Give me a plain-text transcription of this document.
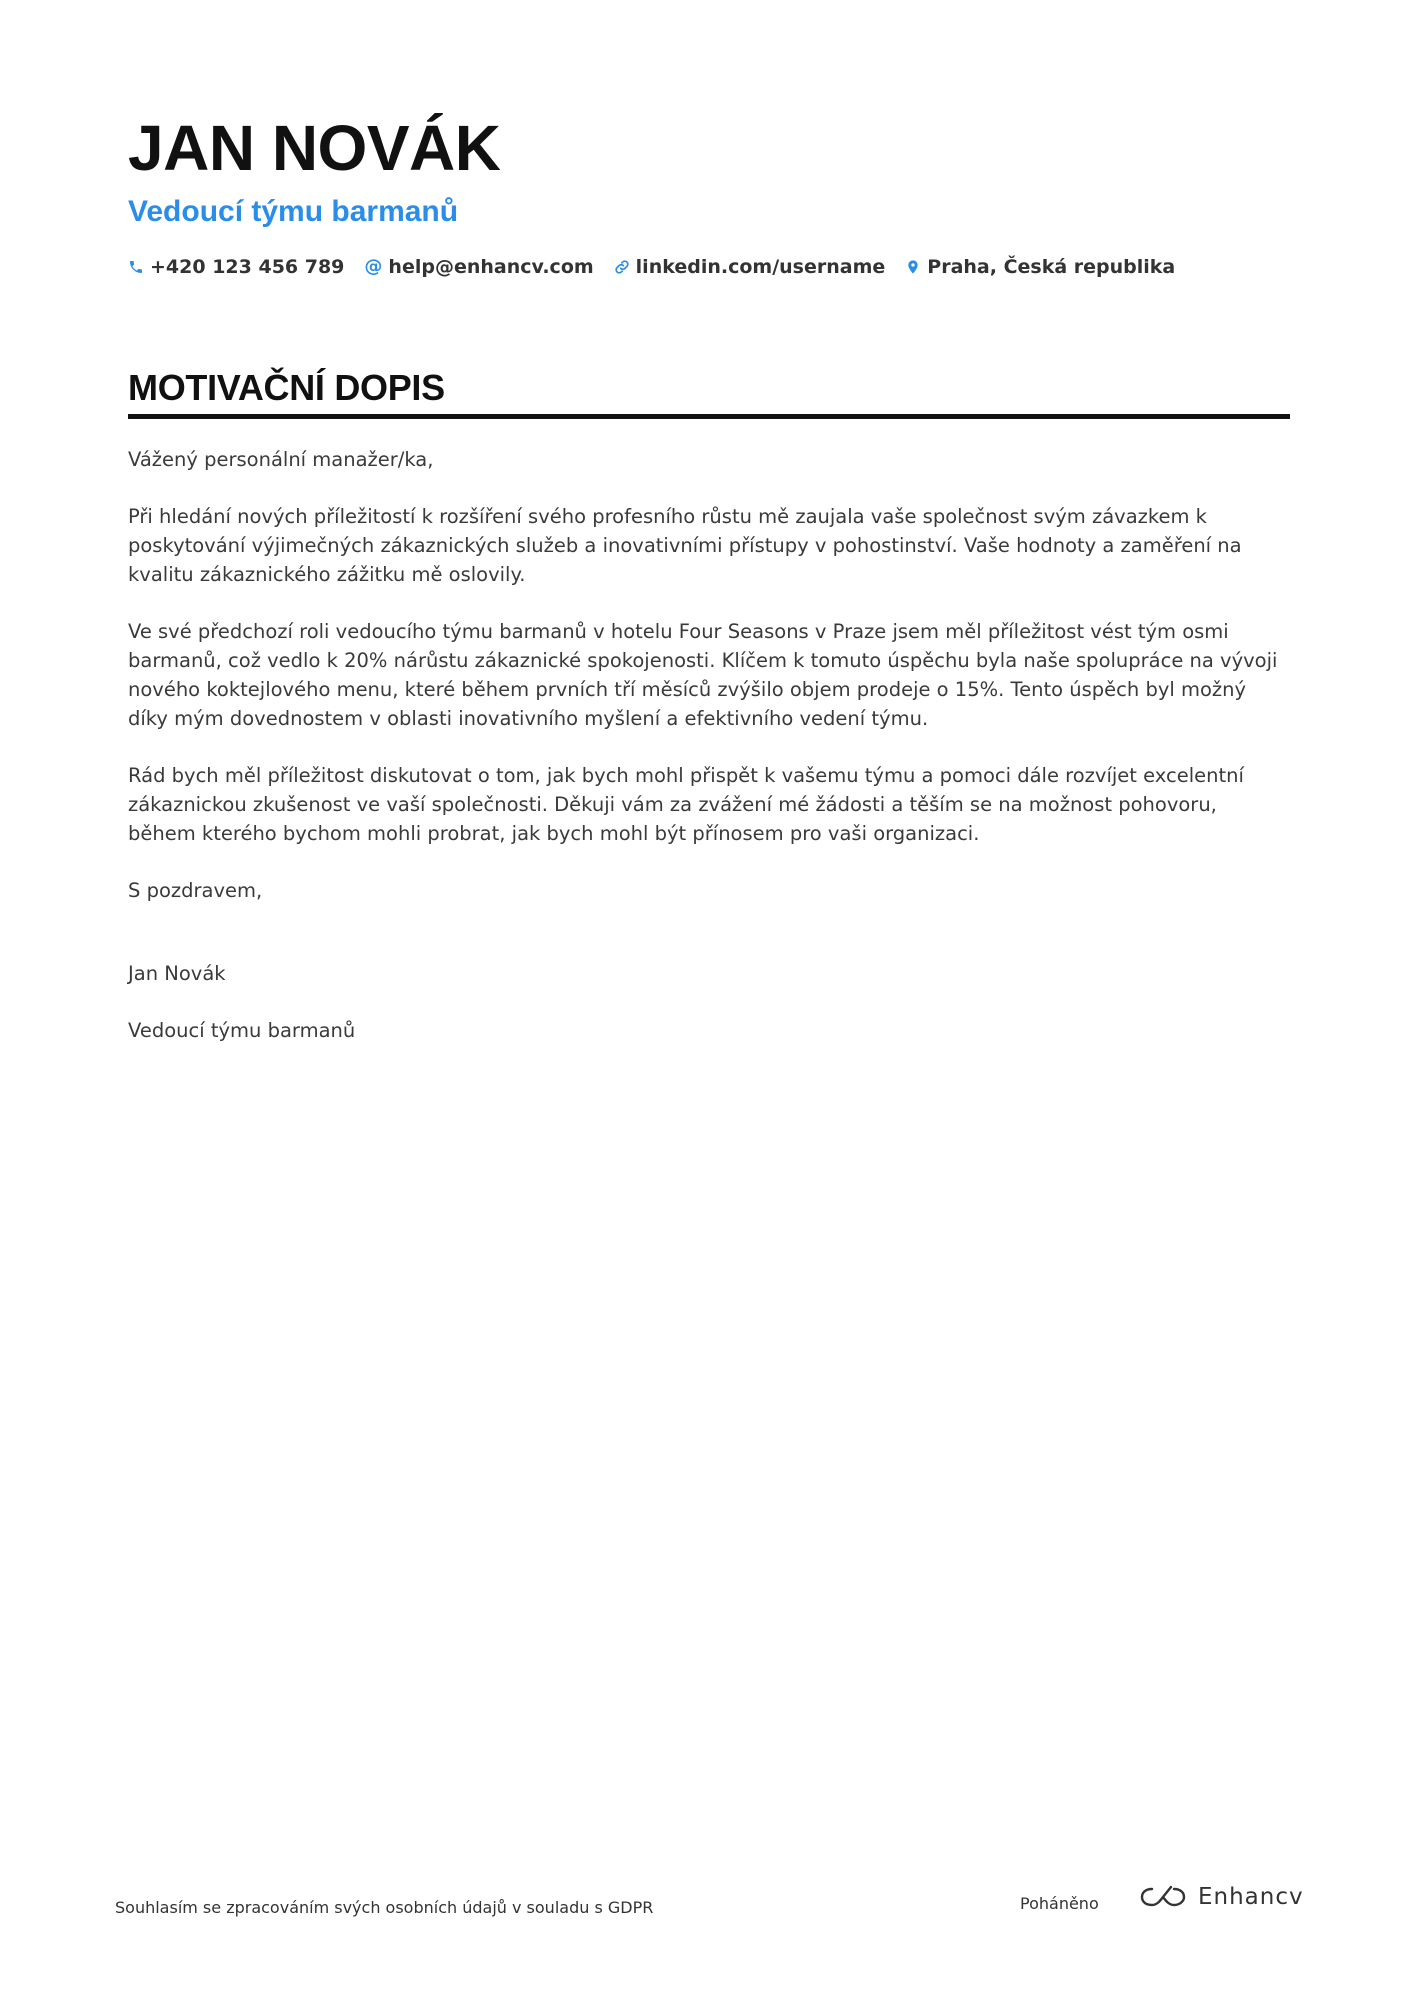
JAN NOVÁK
Vedoucí týmu barmanů
+420 123 456 789 @ help@enhancv.com linkedin.com/username Praha, Česká republika
MOTIVAČNÍ DOPIS

Vážený personální manažer/ka,

Při hledání nových příležitostí k rozšíření svého profesního růstu mě zaujala vaše společnost svým závazkem k poskytování výjimečných zákaznických služeb a inovativními přístupy v pohostinství. Vaše hodnoty a zaměření na kvalitu zákaznického zážitku mě oslovily.

Ve své předchozí roli vedoucího týmu barmanů v hotelu Four Seasons v Praze jsem měl příležitost vést tým osmi barmanů, což vedlo k 20% nárůstu zákaznické spokojenosti. Klíčem k tomuto úspěchu byla naše spolupráce na vývoji nového koktejlového menu, které během prvních tří měsíců zvýšilo objem prodeje o 15%. Tento úspěch byl možný díky mým dovednostem v oblasti inovativního myšlení a efektivního vedení týmu.

Rád bych měl příležitost diskutovat o tom, jak bych mohl přispět k vašemu týmu a pomoci dále rozvíjet excelentní zákaznickou zkušenost ve vaší společnosti. Děkuji vám za zvážení mé žádosti a těším se na možnost pohovoru, během kterého bychom mohli probrat, jak bych mohl být přínosem pro vaši organizaci.

S pozdravem,

Jan Novák

Vedoucí týmu barmanů

Souhlasím se zpracováním svých osobních údajů v souladu s GDPR	Poháněno	Enhancv
